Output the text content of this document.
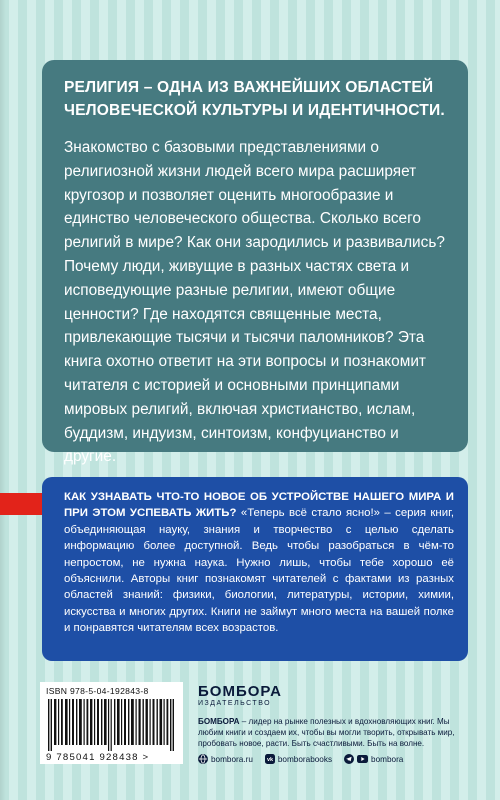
РЕЛИГИЯ – ОДНА ИЗ ВАЖНЕЙШИХ ОБЛАСТЕЙ ЧЕЛОВЕЧЕСКОЙ КУЛЬТУРЫ И ИДЕНТИЧНОСТИ.

Знакомство с базовыми представлениями о религиозной жизни людей всего мира расширяет кругозор и позволяет оценить многообразие и единство человеческого общества. Сколько всего религий в мире? Как они зародились и развивались? Почему люди, живущие в разных частях света и исповедующие разные религии, имеют общие ценности? Где находятся священные места, привлекающие тысячи и тысячи паломников? Эта книга охотно ответит на эти вопросы и познакомит читателя с историей и основными принципами мировых религий, включая христианство, ислам, буддизм, индуизм, синтоизм, конфуцианство и другие.

КАК УЗНАВАТЬ ЧТО-ТО НОВОЕ ОБ УСТРОЙСТВЕ НАШЕГО МИРА И ПРИ ЭТОМ УСПЕВАТЬ ЖИТЬ? «Теперь всё стало ясно!» – серия книг, объединяющая науку, знания и творчество с целью сделать информацию более доступной. Ведь чтобы разобраться в чём-то непростом, не нужна наука. Нужно лишь, чтобы тебе хорошо её объяснили. Авторы книг познакомят читателей с фактами из разных областей знаний: физики, биологии, литературы, истории, химии, искусства и многих других. Книги не займут много места на вашей полке и понравятся читателям всех возрастов.

ISBN 978-5-04-192843-8
9 785041 928438 >
БОМБОРА
ИЗДАТЕЛЬСТВО
БОМБОРА – лидер на рынке полезных и вдохновляющих книг. Мы любим книги и создаем их, чтобы вы могли творить, открывать мир, пробовать новое, расти. Быть счастливыми. Быть на волне.
bombora.ru	vk bomborabooks	bombora
